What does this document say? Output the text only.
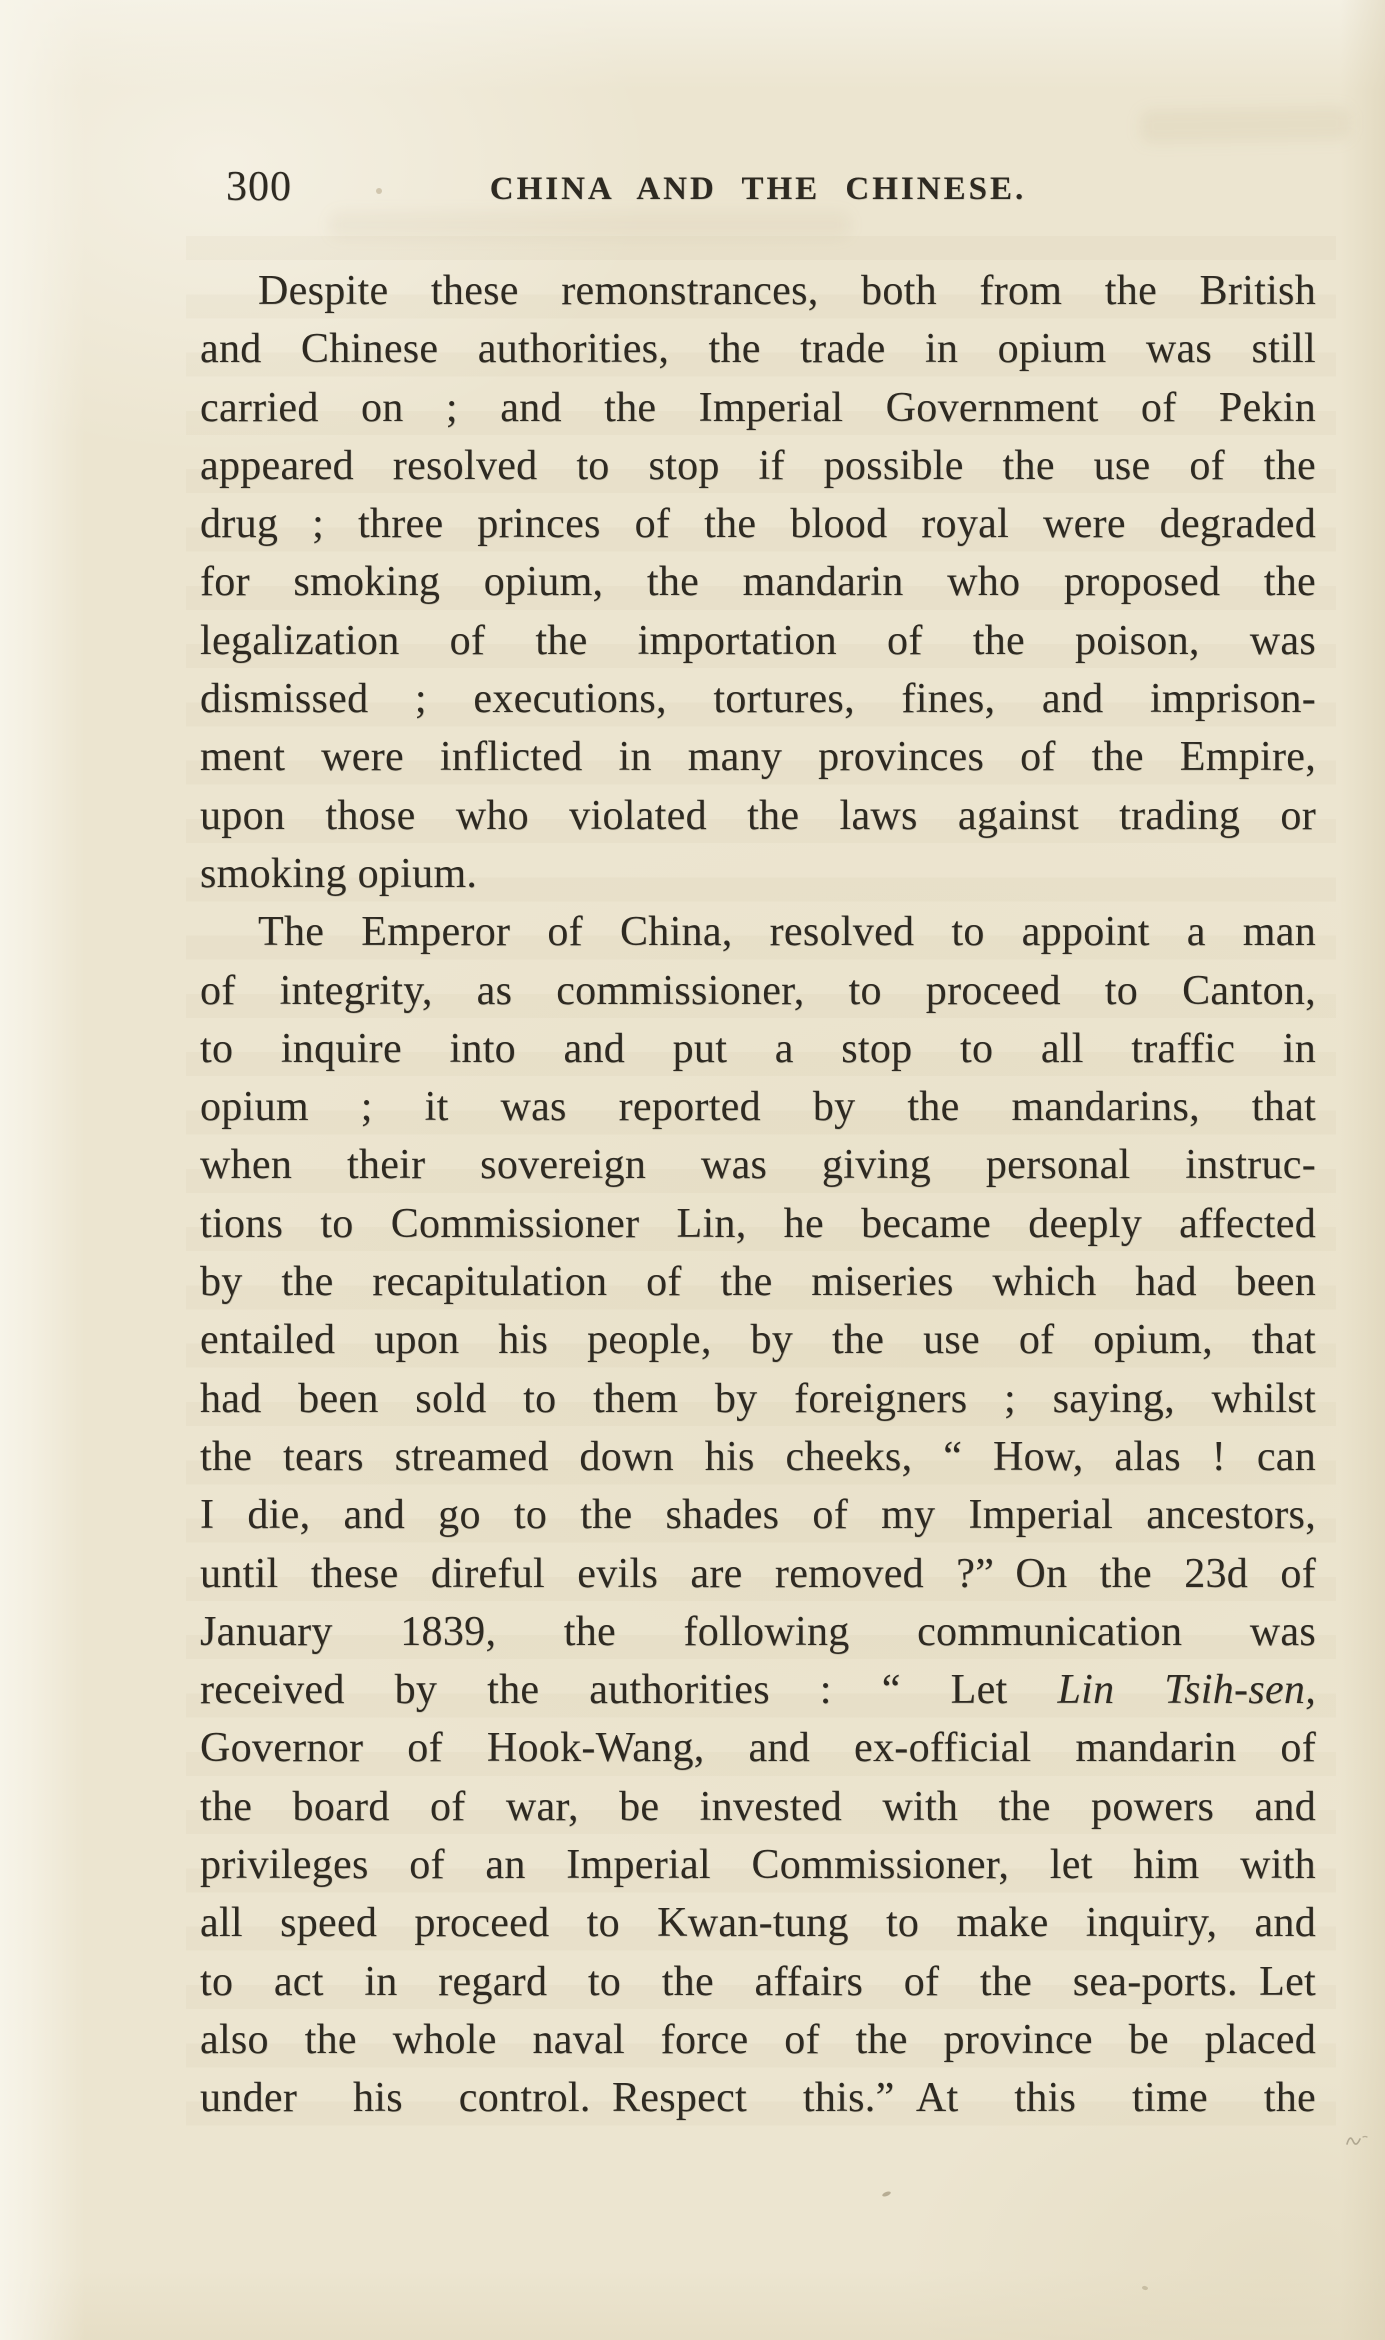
300	CHINA AND THE CHINESE.
Despite these remonstrances, both from the British
and Chinese authorities, the trade in opium was still
carried on ; and the Imperial Government of Pekin
appeared resolved to stop if possible the use of the
drug ; three princes of the blood royal were degraded
for smoking opium, the mandarin who proposed the
legalization of the importation of the poison, was
dismissed ; executions, tortures, fines, and imprison-
ment were inflicted in many provinces of the Empire,
upon those who violated the laws against trading or
smoking opium.
The Emperor of China, resolved to appoint a man
of integrity, as commissioner, to proceed to Canton,
to inquire into and put a stop to all traffic in
opium ; it was reported by the mandarins, that
when their sovereign was giving personal instruc-
tions to Commissioner Lin, he became deeply affected
by the recapitulation of the miseries which had been
entailed upon his people, by the use of opium, that
had been sold to them by foreigners ; saying, whilst
the tears streamed down his cheeks, “ How, alas ! can
I die, and go to the shades of my Imperial ancestors,
until these direful evils are removed ?” On the 23d of
January 1839, the following communication was
received by the authorities : “ Let Lin Tsih-sen,
Governor of Hook-Wang, and ex-official mandarin of
the board of war, be invested with the powers and
privileges of an Imperial Commissioner, let him with
all speed proceed to Kwan-tung to make inquiry, and
to act in regard to the affairs of the sea-ports. Let
also the whole naval force of the province be placed
under his control. Respect this.” At this time the
